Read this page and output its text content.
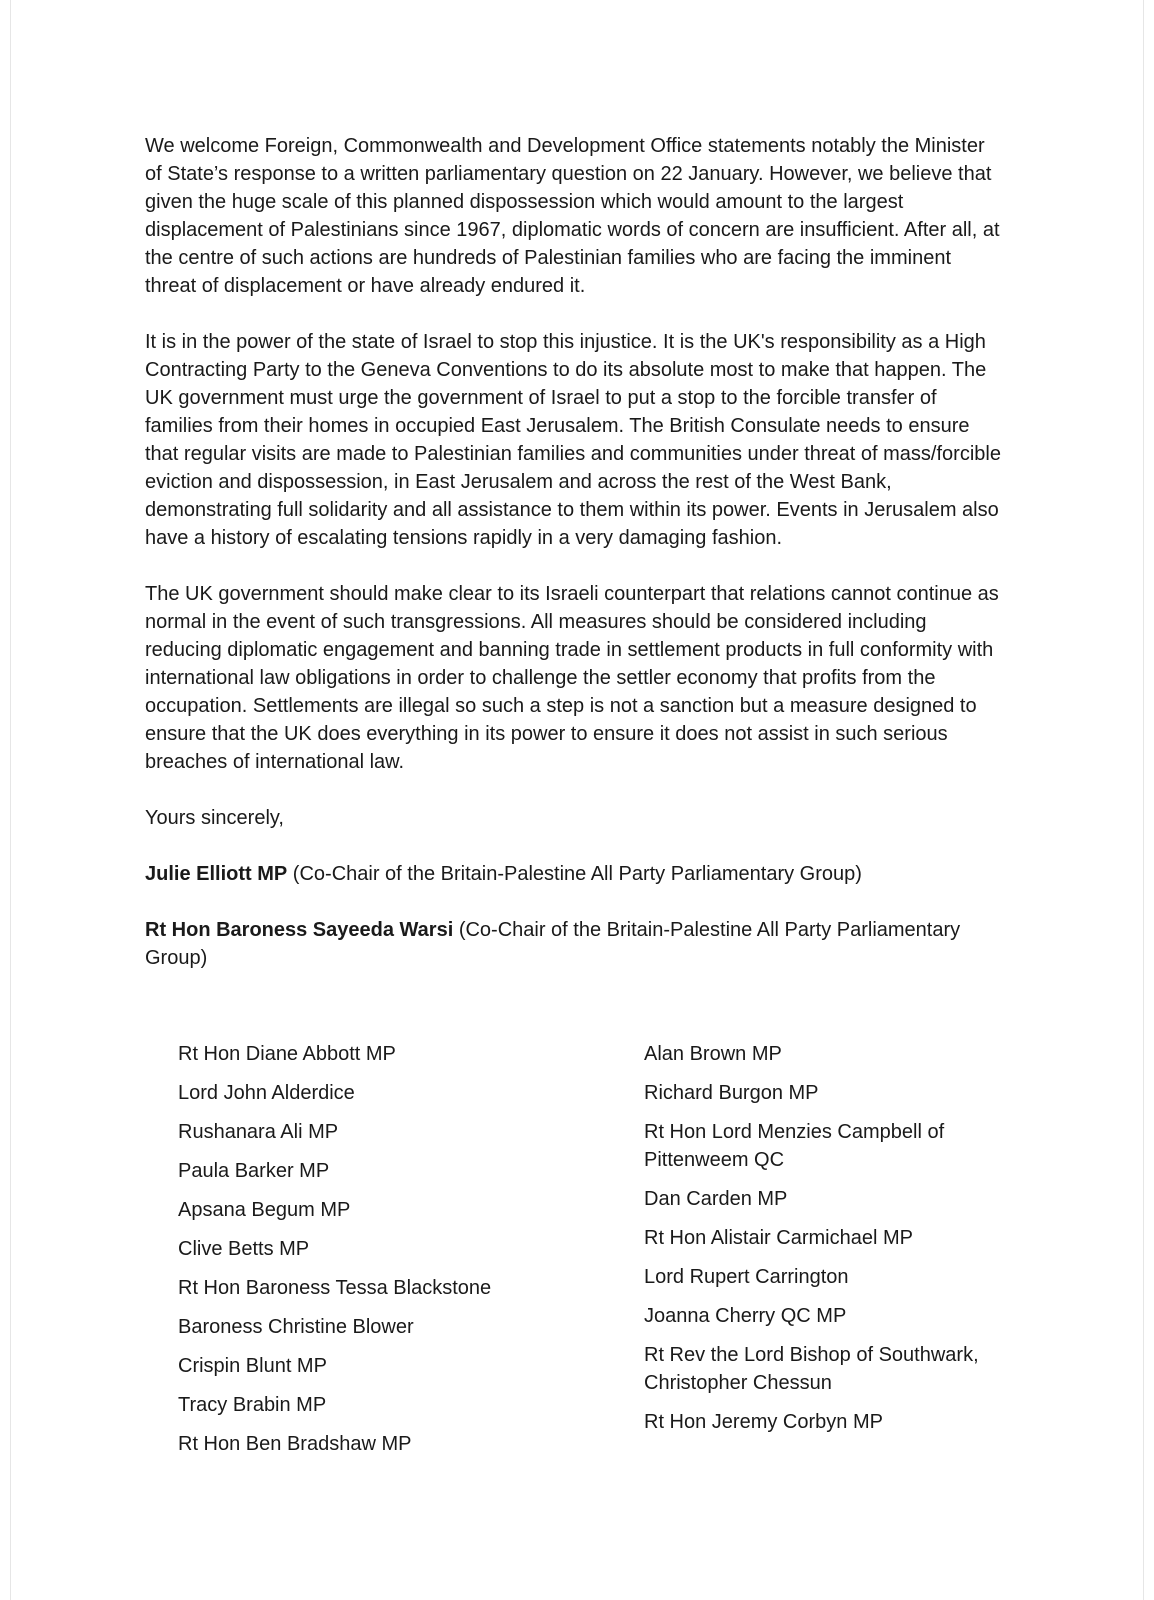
We welcome Foreign, Commonwealth and Development Office statements notably the Minister of State’s response to a written parliamentary question on 22 January. However, we believe that given the huge scale of this planned dispossession which would amount to the largest displacement of Palestinians since 1967, diplomatic words of concern are insufficient. After all, at the centre of such actions are hundreds of Palestinian families who are facing the imminent threat of displacement or have already endured it.

It is in the power of the state of Israel to stop this injustice. It is the UK's responsibility as a High Contracting Party to the Geneva Conventions to do its absolute most to make that happen. The UK government must urge the government of Israel to put a stop to the forcible transfer of families from their homes in occupied East Jerusalem. The British Consulate needs to ensure that regular visits are made to Palestinian families and communities under threat of mass/forcible eviction and dispossession, in East Jerusalem and across the rest of the West Bank, demonstrating full solidarity and all assistance to them within its power. Events in Jerusalem also have a history of escalating tensions rapidly in a very damaging fashion.

The UK government should make clear to its Israeli counterpart that relations cannot continue as normal in the event of such transgressions. All measures should be considered including reducing diplomatic engagement and banning trade in settlement products in full conformity with international law obligations in order to challenge the settler economy that profits from the occupation. Settlements are illegal so such a step is not a sanction but a measure designed to ensure that the UK does everything in its power to ensure it does not assist in such serious breaches of international law.

Yours sincerely,

Julie Elliott MP (Co-Chair of the Britain-Palestine All Party Parliamentary Group)

Rt Hon Baroness Sayeeda Warsi (Co-Chair of the Britain-Palestine All Party Parliamentary Group)

Rt Hon Diane Abbott MP

Lord John Alderdice

Rushanara Ali MP

Paula Barker MP

Apsana Begum MP

Clive Betts MP

Rt Hon Baroness Tessa Blackstone

Baroness Christine Blower

Crispin Blunt MP

Tracy Brabin MP

Rt Hon Ben Bradshaw MP

Alan Brown MP

Richard Burgon MP

Rt Hon Lord Menzies Campbell of Pittenweem QC

Dan Carden MP

Rt Hon Alistair Carmichael MP

Lord Rupert Carrington

Joanna Cherry QC MP

Rt Rev the Lord Bishop of Southwark, Christopher Chessun

Rt Hon Jeremy Corbyn MP
